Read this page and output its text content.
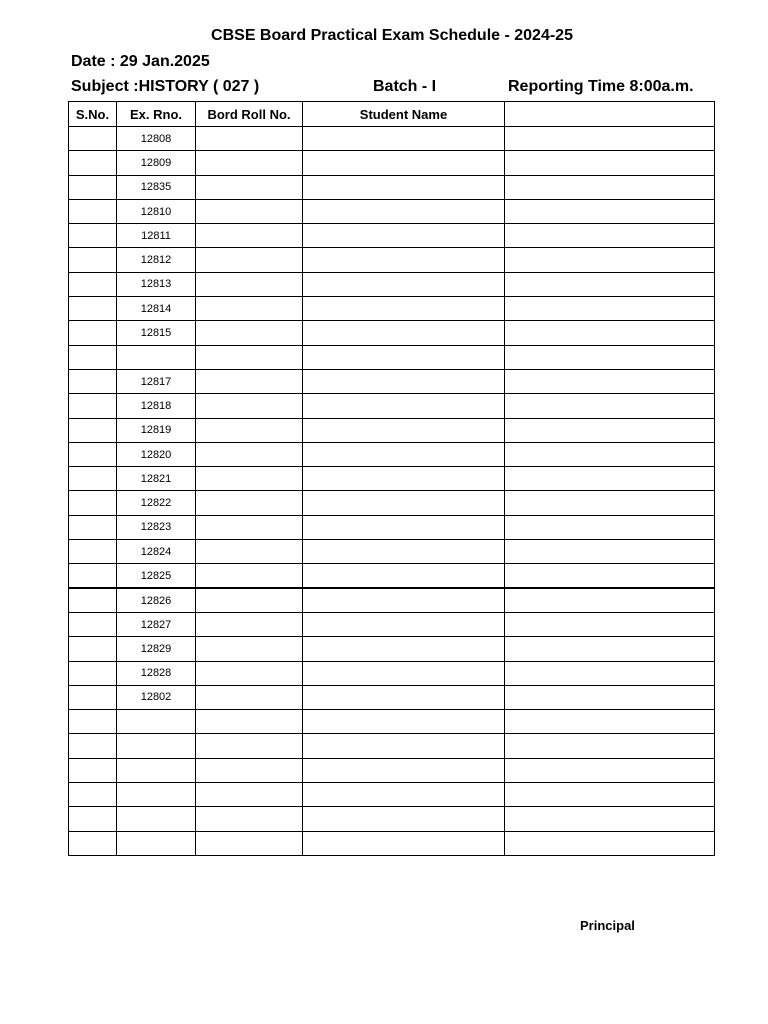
CBSE Board Practical Exam Schedule - 2024-25
Date : 29 Jan.2025
Subject :HISTORY ( 027 )	Batch - I	Reporting Time 8:00a.m.
S.No.	Ex. Rno.	Bord Roll No.	Student Name	
	12808			
	12809			
	12835			
	12810			
	12811			
	12812			
	12813			
	12814			
	12815			

	12817			
	12818			
	12819			
	12820			
	12821			
	12822			
	12823			
	12824			
	12825			
	12826			
	12827			
	12829			
	12828			
	12802			

Principal
